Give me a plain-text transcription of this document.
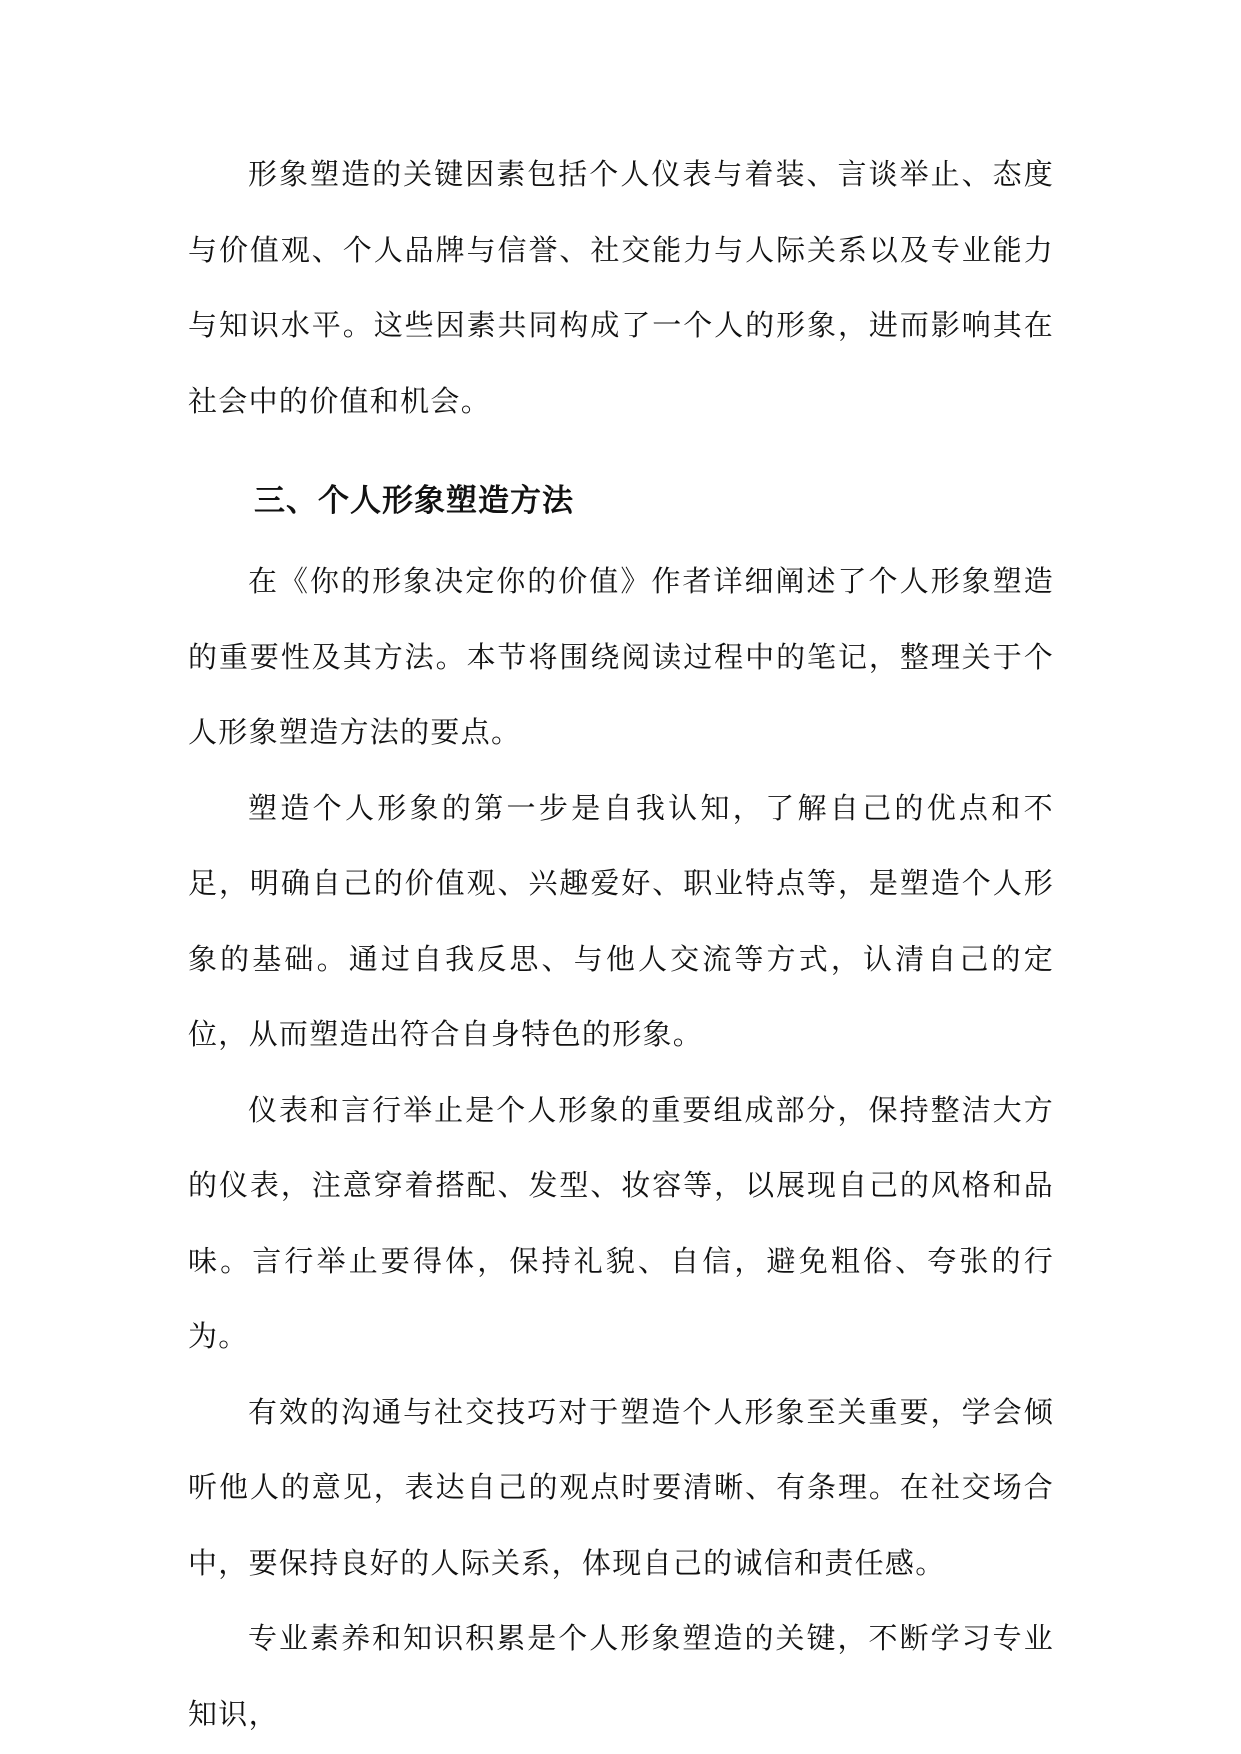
形象塑造的关键因素包括个人仪表与着装、言谈举止、态度与价值观、个人品牌与信誉、社交能力与人际关系以及专业能力与知识水平。这些因素共同构成了一个人的形象，进而影响其在社会中的价值和机会。

三、个人形象塑造方法

在《你的形象决定你的价值》作者详细阐述了个人形象塑造的重要性及其方法。本节将围绕阅读过程中的笔记，整理关于个人形象塑造方法的要点。

塑造个人形象的第一步是自我认知，了解自己的优点和不足，明确自己的价值观、兴趣爱好、职业特点等，是塑造个人形象的基础。通过自我反思、与他人交流等方式，认清自己的定位，从而塑造出符合自身特色的形象。

仪表和言行举止是个人形象的重要组成部分，保持整洁大方的仪表，注意穿着搭配、发型、妆容等，以展现自己的风格和品味。言行举止要得体，保持礼貌、自信，避免粗俗、夸张的行为。

有效的沟通与社交技巧对于塑造个人形象至关重要，学会倾听他人的意见，表达自己的观点时要清晰、有条理。在社交场合中，要保持良好的人际关系，体现自己的诚信和责任感。

专业素养和知识积累是个人形象塑造的关键，不断学习专业知识，
